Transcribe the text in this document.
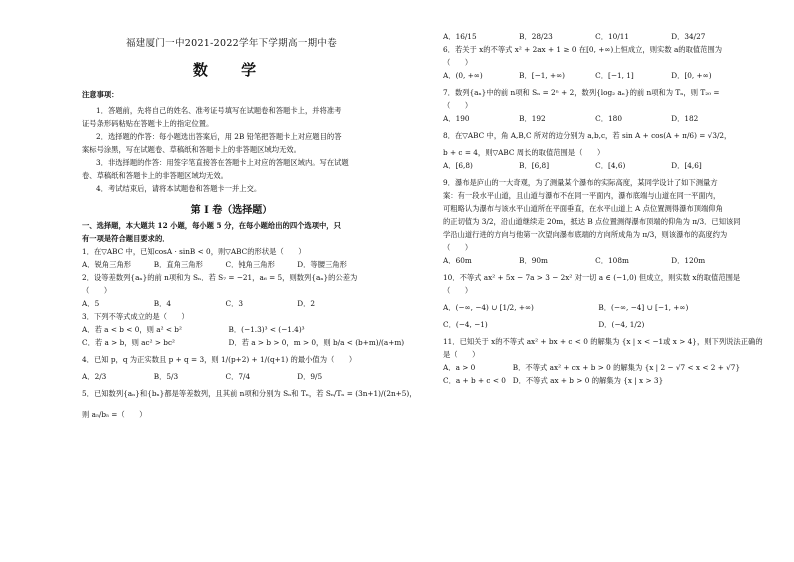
福建厦门一中2021-2022学年下学期高一期中卷
数 学
注意事项：
1．答题前，先将自己的姓名、准考证号填写在试题卷和答题卡上，并将准考
证号条形码粘贴在答题卡上的指定位置。
2．选择题的作答：每小题选出答案后，用 2B 铅笔把答题卡上对应题目的答
案标号涂黑，写在试题卷、草稿纸和答题卡上的非答题区域均无效。
3．非选择题的作答：用签字笔直接答在答题卡上对应的答题区域内。写在试题
卷、草稿纸和答题卡上的非答题区域均无效。
4．考试结束后，请将本试题卷和答题卡一并上交。
第 Ⅰ 卷（选择题）
一、选择题，本大题共 12 小题，每小题 5 分，在每小题给出的四个选项中，只
有一项是符合题目要求的．
1．在▽ABC 中，已知cosA · sinB < 0，则▽ABC的形状是（　　）
A．锐角三角形	B．直角三角形	C．钝角三角形	D．等腰三角形
2．设等差数列{aₙ}的前 n项和为 Sₙ．若 S₇ = −21，a₆ = 5，则数列{aₙ}的公差为
（　　）
A．5	B．4	C．3	D．2
3．下列不等式成立的是（　　）
A．若 a < b < 0，则 a² < b²	B．(−1.3)³ < (−1.4)³
C．若 a > b，则 ac² > bc²	D．若 a > b > 0，m > 0，则 b/a < (b+m)/(a+m)
4．已知 p，q 为正实数且 p + q = 3，则 1/(p+2) + 1/(q+1) 的最小值为（　　）
A．2/3	B．5/3	C．7/4	D．9/5
5．已知数列{aₙ}和{bₙ}都是等差数列，且其前 n项和分别为 Sₙ和 Tₙ，若 Sₙ/Tₙ = (3n+1)/(2n+5)，
则 a₅/b₅ =（　　）
A．16/15	B．28/23	C．10/11	D．34/27
6．若关于 x的不等式 x² + 2ax + 1 ≥ 0 在[0, +∞)上恒成立，则实数 a的取值范围为
（　　）
A．(0, +∞)	B．[−1, +∞)	C．[−1, 1]	D．[0, +∞)
7．数列{aₙ}中的前 n项和 Sₙ = 2ⁿ + 2，数列{log₂ aₙ}的前 n项和为 Tₙ，则 T₂₀ =
（　　）
A．190	B．192	C．180	D．182
8．在▽ABC 中，角 A,B,C 所对的边分别为 a,b,c，若 sin A + cos(A + π/6) = √3/2，
b + c = 4，则▽ABC 周长的取值范围是（　　）
A．[6,8)	B．[6,8]	C．[4,6)	D．[4,6]
9．瀑布是庐山的一大奇观，为了测量某个瀑布的实际高度，某同学设计了如下测量方
案：有一段水平山道，且山道与瀑布不在同一平面内，瀑布底端与山道在同一平面内，
可粗略认为瀑布与该水平山道所在平面垂直，在水平山道上 A 点位置测得瀑布顶端仰角
的正切值为 3/2，沿山道继续走 20m，抵达 B 点位置测得瀑布顶端的仰角为 π/3．已知该同
学沿山道行进的方向与他第一次望向瀑布底端的方向所成角为 π/3，则该瀑布的高度约为
（　　）
A．60m	B．90m	C．108m	D．120m
10．不等式 ax² + 5x − 7a > 3 − 2x² 对一切 a ∈ (−1,0) 但成立，则实数 x的取值范围是
（　　）
A．(−∞, −4) ∪ [1/2, +∞)	B．(−∞, −4] ∪ [−1, +∞)
C．(−4, −1)	D．(−4, 1/2)
11．已知关于 x的不等式 ax² + bx + c < 0 的解集为 {x | x < −1或 x > 4}，则下列说法正确的
是（　　）
A．a > 0	B．不等式 ax² + cx + b > 0 的解集为 {x | 2 − √7 < x < 2 + √7}
C．a + b + c < 0 D．不等式 ax + b > 0 的解集为 {x | x > 3}
